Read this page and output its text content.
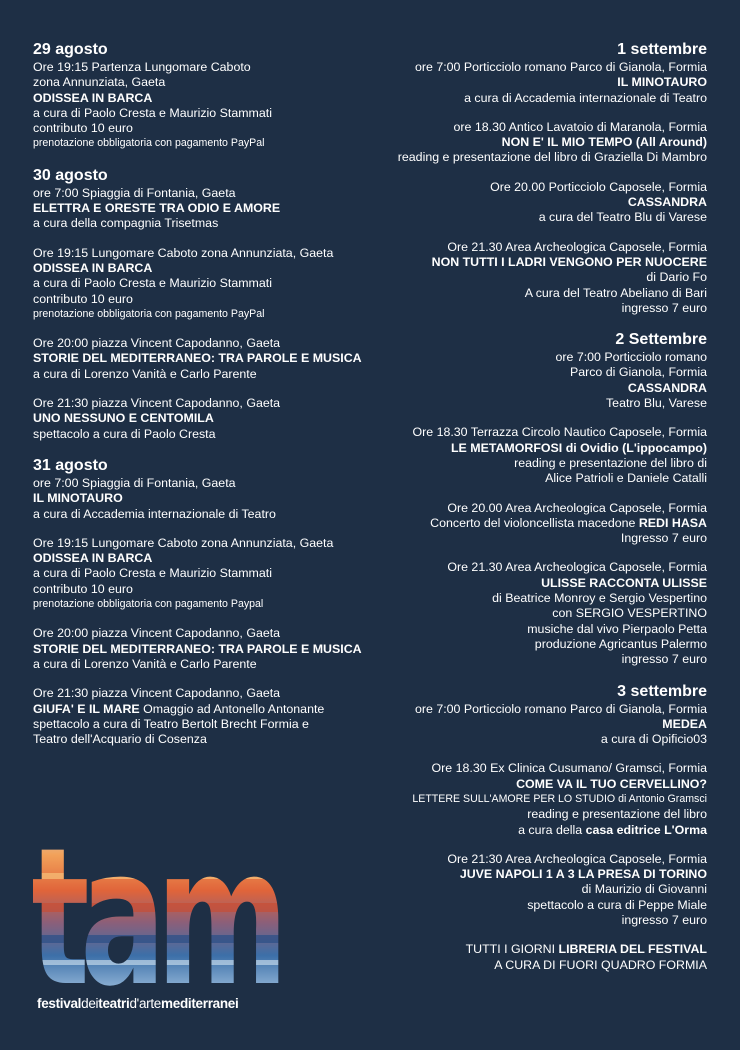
29 agosto
Ore 19:15 Partenza Lungomare Caboto
zona Annunziata, Gaeta
ODISSEA IN BARCA
a cura di Paolo Cresta e Maurizio Stammati
contributo 10 euro
prenotazione obbligatoria con pagamento PayPal
30 agosto
ore 7:00 Spiaggia di Fontania, Gaeta
ELETTRA E ORESTE TRA ODIO E AMORE
a cura della compagnia Trisetmas
Ore 19:15 Lungomare Caboto zona Annunziata, Gaeta
ODISSEA IN BARCA
a cura di Paolo Cresta e Maurizio Stammati
contributo 10 euro
prenotazione obbligatoria con pagamento PayPal
Ore 20:00 piazza Vincent Capodanno, Gaeta
STORIE DEL MEDITERRANEO: TRA PAROLE E MUSICA
a cura di Lorenzo Vanità e Carlo Parente
Ore 21:30 piazza Vincent Capodanno, Gaeta
UNO NESSUNO E CENTOMILA
spettacolo a cura di Paolo Cresta
31 agosto
ore 7:00 Spiaggia di Fontania, Gaeta
IL MINOTAURO
a cura di Accademia internazionale di Teatro
Ore 19:15 Lungomare Caboto zona Annunziata, Gaeta
ODISSEA IN BARCA
a cura di Paolo Cresta e Maurizio Stammati
contributo 10 euro
prenotazione obbligatoria con pagamento Paypal
Ore 20:00 piazza Vincent Capodanno, Gaeta
STORIE DEL MEDITERRANEO: TRA PAROLE E MUSICA
a cura di Lorenzo Vanità e Carlo Parente
Ore 21:30 piazza Vincent Capodanno, Gaeta
GIUFA' E IL MARE Omaggio ad Antonello Antonante
spettacolo a cura di Teatro Bertolt Brecht Formia e
Teatro dell'Acquario di Cosenza
1 settembre
ore 7:00 Porticciolo romano Parco di Gianola, Formia
IL MINOTAURO
a cura di Accademia internazionale di Teatro
ore 18.30 Antico Lavatoio di Maranola, Formia
NON E' IL MIO TEMPO (All Around)
reading e presentazione del libro di Graziella Di Mambro
Ore 20.00 Porticciolo Caposele, Formia
CASSANDRA
a cura del Teatro Blu di Varese
Ore 21.30 Area Archeologica Caposele, Formia
NON TUTTI I LADRI VENGONO PER NUOCERE
di Dario Fo
A cura del Teatro Abeliano di Bari
ingresso 7 euro
2 Settembre
ore 7:00 Porticciolo romano
Parco di Gianola, Formia
CASSANDRA
Teatro Blu, Varese
Ore 18.30 Terrazza Circolo Nautico Caposele, Formia
LE METAMORFOSI di Ovidio (L'ippocampo)
reading e presentazione del libro di
Alice Patrioli e Daniele Catalli
Ore 20.00 Area Archeologica Caposele, Formia
Concerto del violoncellista macedone REDI HASA
Ingresso 7 euro
Ore 21.30 Area Archeologica Caposele, Formia
ULISSE RACCONTA ULISSE
di Beatrice Monroy e Sergio Vespertino
con SERGIO VESPERTINO
musiche dal vivo Pierpaolo Petta
produzione Agricantus Palermo
ingresso 7 euro
3 settembre
ore 7:00 Porticciolo romano Parco di Gianola, Formia
MEDEA
a cura di Opificio03
Ore 18.30 Ex Clinica Cusumano/ Gramsci, Formia
COME VA IL TUO CERVELLINO?
LETTERE SULL'AMORE PER LO STUDIO di Antonio Gramsci
reading e presentazione del libro
a cura della casa editrice L'Orma
Ore 21:30 Area Archeologica Caposele, Formia
JUVE NAPOLI 1 A 3 LA PRESA DI TORINO
di Maurizio di Giovanni
spettacolo a cura di Peppe Miale
ingresso 7 euro
TUTTI I GIORNI LIBRERIA DEL FESTIVAL
A CURA DI FUORI QUADRO FORMIA
festivaldeiteatrid'artemediterranei
